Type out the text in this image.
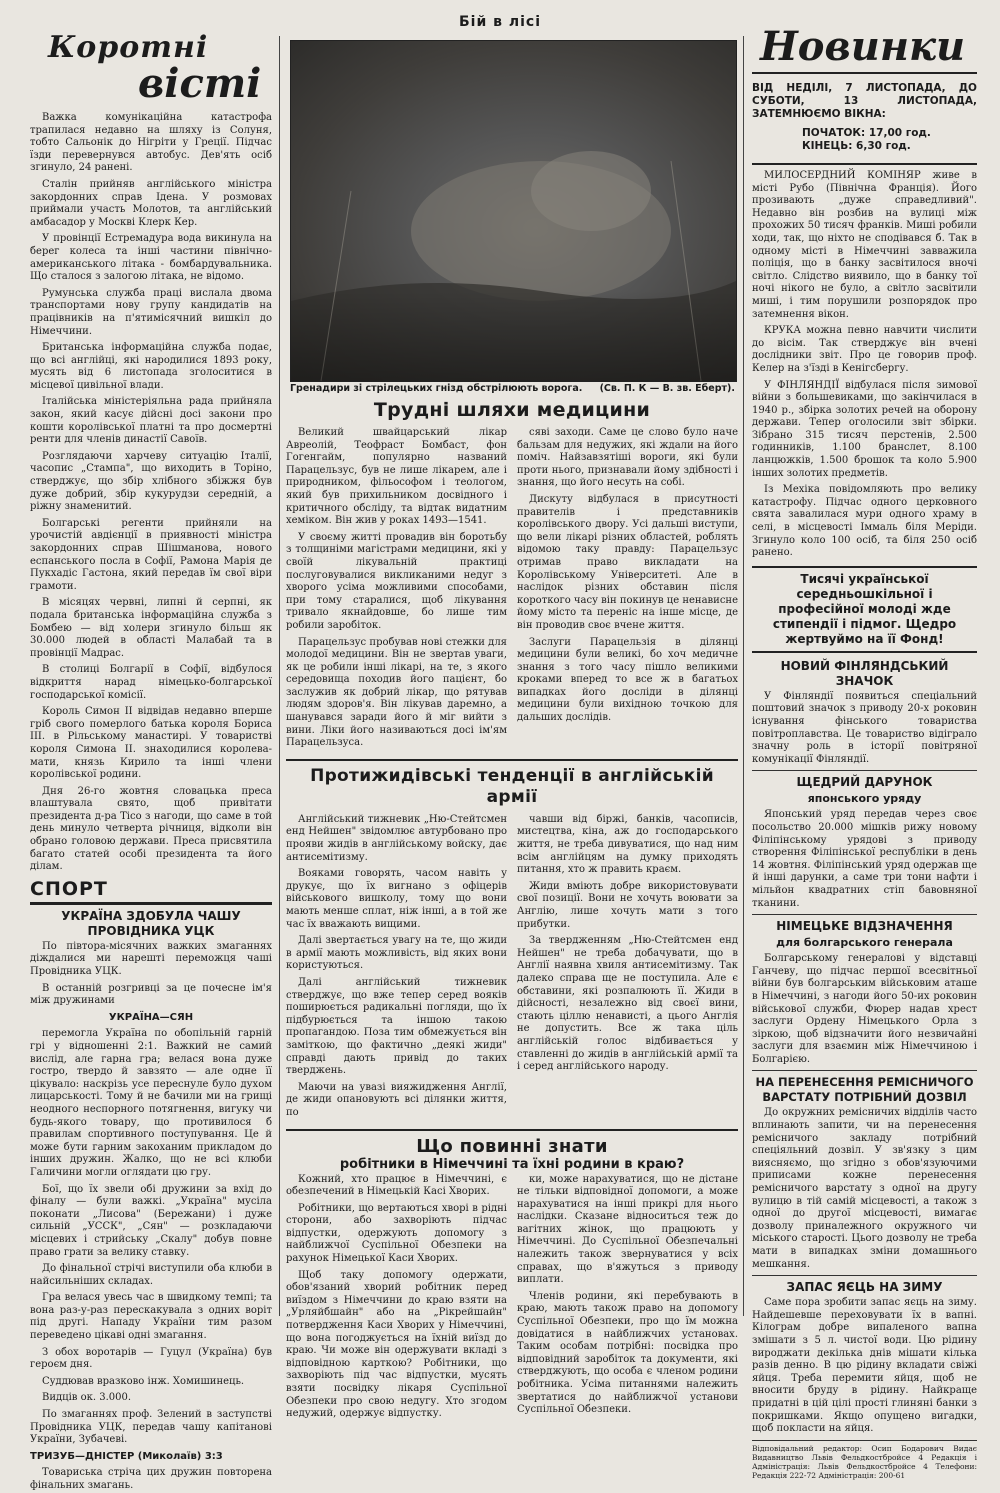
Бій в лісі
Коротні
вісті

Важка комунікаційна катастрофа трапилася недавно на шляху із Солуня, тобто Сальонік до Нігріти у Греції. Підчас їзди перевернувся автобус. Дев'ять осіб згинуло, 24 ранені.

Сталін прийняв англійського міністра закордонних справ Ідена. У розмовах приймали участь Молотов, та англійський амбасадор у Москві Клерк Кер.

У провінції Естремадура вода викинула на берег колеса та інші частини північно-американського літака - бомбардувальника. Що сталося з залогою літака, не відомо.

Румунська служба праці вислала двома транспортами нову групу кандидатів на працівників на п'ятимісячний вишкіл до Німеччини.

Британська інформаційна служба подає, що всі англійці, які народилися 1893 року, мусять від 6 листопада зголоситися в місцевої цивільної влади.

Італійська міністеріяльна рада прийняла закон, який касує дійсні досі закони про кошти королівської платні та про досмертні ренти для членів династії Савоїв.

Розглядаючи харчеву ситуацію Італії, часопис „Стампа", що виходить в Торіно, стверджує, що збір хлібного збіжжя був дуже добрий, збір кукурудзи середній, а ріжну знаменитий.

Болгарські регенти прийняли на урочистій авдієнції в приявності міністра закордонних справ Шішманова, нового еспанського посла в Софії, Рамона Марія де Пукхадіс Гастона, який передав їм свої віри грамоти.

В місяцях червні, липні й серпні, як подала британська інформаційна служба з Бомбею — від холери згинуло більш як 30.000 людей в області Малабай та в провінції Мадрас.

В столиці Болгарії в Софії, відбулося відкриття нарад німецько-болгарської господарської комісії.

Король Симон II відвідав недавно вперше гріб свого померлого батька короля Бориса III. в Рільському манастирі. У товаристві короля Симона II. знаходилися королева-мати, князь Кирило та інші члени королівської родини.

Дня 26-го жовтня словацька преса влаштувала свято, щоб привітати президента д-ра Тісо з нагоди, що саме в той день минуло четверта річниця, відколи він обрано головою держави. Преса присвятила багато статей особі президента та його ділам.

СПОРТ
УКРАЇНА ЗДОБУЛА ЧАШУ ПРОВІДНИКА УЦК

По півтора-місячних важких змаганнях діждалися ми нарешті переможця чаші Провідника УЦК.

В останній розгривці за це почесне ім'я між дружинами

УКРАЇНА—СЯН

перемогла Україна по обопільній гарній грі у відношенні 2:1. Важкий не самий вислід, але гарна гра; велася вона дуже гостро, твердо й завзято — але одне її цікувало: наскрізь усе переснуле було духом лицарськості. Тому й не бачили ми на грищі неодного неспорного потягнення, вигуку чи будь-якого товару, що противилося б правилам спортивного поступування. Це й може бути гарним закоханим прикладом до інших дружин. Жалко, що не всі клюби Галичини могли оглядати цю гру.

Бої, що їх звели обі дружини за вхід до фіналу — були важкі. „Україна" мусіла поконати „Лисова" (Бережани) і дуже сильній „УССК", „Сян" — розкладаючи місцевих і стрийську „Скалу" добув повне право грати за велику ставку.

До фінальної стрічі виступили оба клюби в найсильніших складах.

Гра велася увесь час в швидкому темпі; та вона раз-у-раз перескакувала з одних воріт під другі. Нападу України тим разом переведено цікаві одні змагання.

З обох воротарів — Гуцул (Україна) був героєм дня.

Суддював вразково інж. Хомишинець.

Видців ок. 3.000.

По змаганнях проф. Зелений в заступстві Провідника УЦК, передав чашу капітанові України, Зубачеві.

ТРИЗУБ—ДНІСТЕР (Миколаїв) 3:3

Товариська стріча цих дружин повторена фінальних змагань.

Гренадири зі стрілецьких гнізд обстрілюють ворога. (Св. П. К — В. зв. Еберт).
Трудні шляхи медицини

Великий швайцарський лікар Авреолій, Теофраст Бомбаст, фон Гогенгайм, популярно названий Парацельзус, був не лише лікарем, але і природником, фільософом і теологом, який був прихильником досвідного і критичного обсліду, та відтак видатним хеміком. Він жив у роках 1493—1541.

У своєму житті провадив він боротьбу з толщиніми магістрами медицини, які у своїй лікувальній практиці послуговувалися викликаними недуг з хворого усіма можливими способами, при тому старалися, щоб лікування тривало якнайдовше, бо лише тим робили заробіток.

Парацельзус пробував нові стежки для молодої медицини. Він не звертав уваги, як це робили інші лікарі, на те, з якого середовища походив його пацієнт, бо заслужив як добрий лікар, що рятував людям здоров'я. Він лікував даремно, а шанувався заради його й міг вийти з вини. Ліки його називаються досі ім'ям Парацельзуса.

сяві заходи. Саме це слово було наче бальзам для недужих, які ждали на його поміч. Найзавзятіші вороги, які були проти нього, признавали йому здібності і знання, що його несуть на собі.

Дискуту відбулася в присутності правителів і представників королівського двору. Усі дальші виступи, що вели лікарі різних областей, роблять відомою таку правду: Парацельзус отримав право викладати на Королівському Університеті. Але в наслідок різних обставин після короткого часу він покинув це ненависне йому місто та переніс на інше місце, де він проводив своє вчене життя.

Заслуги Парацельзія в ділянці медицини були великі, бо хоч медичне знання з того часу пішло великими кроками вперед то все ж в багатьох випадках його досліди в ділянці медицини були вихідною точкою для дальших дослідів.

Протижидівські тенденції в англійській армії

Англійський тижневик „Ню-Стейтсмен енд Нейшен" звідомлює автурбовано про прояви жидів в англійському войску, дає антисемітизму.

Вояками говорять, часом навіть у друкує, що їх вигнано з офіцерів військового вишколу, тому що вони мають менше сплат, ніж інші, а в той же час їх вважають вищими.

Далі звертається увагу на те, що жиди в армії мають можливість, від яких вони користуються.

Далі англійський тижневик стверджує, що вже тепер серед вояків поширюється радикальні погляди, що їх підбурюється та іншою такою пропагандою. Поза тим обмежується він заміткою, що фактично „деякі жиди" справді дають привід до таких тверджень.

Маючи на увазі вияжидження Англії, де жиди опановують всі ділянки життя, по

чавши від біржі, банків, часописів, мистецтва, кіна, аж до господарського життя, не треба дивуватися, що над ним всім англійцям на думку приходять питання, хто ж править краєм.

Жиди вміють добре використовувати свої позиції. Вони не хочуть воювати за Англію, лише хочуть мати з того прибутки.

За твердженням „Ню-Стейтсмен енд Нейшен" не треба добачувати, що в Англії наявна хвиля антисемітизму. Так далеко справа ще не поступила. Але є обставини, які розпалюють її. Жиди в дійсності, незалежно від своєї вини, стають ціллю ненависті, а цього Англія не допустить. Все ж така ціль англійській голос відбивається у ставленні до жидів в англійській армії та і серед англійського народу.

Що повинні знати
робітники в Німеччині та їхні родини в краю?

Кожний, хто працює в Німеччині, є обезпечений в Німецькій Касі Хворих.

Робітники, що вертаються хворі в рідні сторони, або захворіють підчас відпустки, одержують допомогу з найближчої Суспільної Обезпеки на рахунок Німецької Каси Хворих.

Щоб таку допомогу одержати, обов'язаний хворий робітник перед виїздом з Німеччини до краю взяти на „Урляйбшайн" або на „Рікрейшайн" потвердження Каси Хворих у Німеччині, що вона погоджується на їхній виїзд до краю. Чи може він одержувати вкладі з відповідною карткою? Робітники, що захворіють під час відпустки, мусять взяти посвідку лікаря Суспільної Обезпеки про свою недугу. Хто згодом недужий, одержує відпустку.

ки, може нарахуватися, що не дістане не тільки відповідної допомоги, а може нарахуватися на інші прикрі для нього наслідки. Сказане відноситься теж до вагітних жінок, що працюють у Німеччині. До Суспільної Обезпечальні належить також звернуватися у всіх справах, що в'яжуться з приводу виплати.

Членів родини, які перебувають в краю, мають також право на допомогу Суспільної Обезпеки, про що їм можна довідатися в найближчих установах. Таким особам потрібні: посвідка про відповідний заробіток та документи, які стверджують, що особа є членом родини робітника. Усіма питаннями належить звертатися до найближчої установи Суспільної Обезпеки.

Новинки
ВІД НЕДІЛІ, 7 ЛИСТОПАДА, ДО СУБОТИ, 13 ЛИСТОПАДА, ЗАТЕМНЮЄМО ВІКНА:
ПОЧАТОК: 17,00 год.
КІНЕЦЬ: 6,30 год.

МИЛОСЕРДНИЙ КОМІНЯР живе в місті Рубо (Північна Франція). Його прозивають „дуже справедливий". Недавно він розбив на вулиці між прохожих 50 тисяч франків. Миші робили ходи, так, що ніхто не сподівався б. Так в одному місті в Німеччині завважила поліція, що в банку засвітилося вночі світло. Слідство виявило, що в банку тої ночі нікого не було, а світло засвітили миші, і тим порушили розпорядок про затемнення вікон.

КРУКА можна певно навчити числити до вісім. Так стверджує він вчені дослідники звіт. Про це говорив проф. Келер на з'їзді в Кенігсбергу.

У ФІНЛЯНДІЇ відбулася після зимової війни з большевиками, що закінчилася в 1940 р., збірка золотих речей на оборону держави. Тепер оголосили звіт збірки. Зібрано 315 тисяч перстенів, 2.500 годинників, 1.100 бранслет, 8.100 ланцюжків, 1.500 брошок та коло 5.900 інших золотих предметів.

Із Мехіка повідомляють про велику катастрофу. Підчас одного церковного свята завалилася мури одного храму в селі, в місцевості Іммаль біля Меріди. Згинуло коло 100 осіб, та біля 250 осіб ранено.

Тисячі української середньошкільної і професійної молоді жде стипендії і підмог. Щедро жертвуймо на її Фонд!
НОВИЙ ФІНЛЯНДСЬКИЙ ЗНАЧОК

У Фінляндії появиться спеціальний поштовий значок з приводу 20-х роковин існування фінського товариства повітроплавства. Це товариство відіграло значну роль в історії повітряної комунікації Фінляндії.

ЩЕДРИЙ ДАРУНОК
японського уряду

Японський уряд передав через своє посольство 20.000 мішків рижу новому Філіпінському урядові з приводу створення Філіпінської республіки в день 14 жовтня. Філіпінський уряд одержав ще й інші дарунки, а саме три тони нафти і мільйон квадратних стіп бавовняної тканини.

НІМЕЦЬКЕ ВІДЗНАЧЕННЯ
для болгарського генерала

Болгарському генералові у відставці Ганчеву, що підчас першої всесвітньої війни був болгарським військовим аташе в Німеччині, з нагоди його 50-их роковин військової служби, Фюрер надав хрест заслуги Ордену Німецького Орла з зіркою, щоб відзначити його незвичайні заслуги для взаємин між Німеччиною і Болгарією.

НА ПЕРЕНЕСЕННЯ РЕМІСНИЧОГО ВАРСТАТУ ПОТРІБНИЙ ДОЗВІЛ

До окружних ремісничих відділів часто вплинають запити, чи на перенесення ремісничого закладу потрібний спеціяльний дозвіл. У зв'язку з цим виясняємо, що згідно з обов'язуючими приписами кожне перенесення ремісничого варстату з одної на другу вулицю в тій самій місцевості, а також з одної до другої місцевості, вимагає дозволу приналежного окружного чи міського старості. Цього дозволу не треба мати в випадках зміни домашнього мешкання.

ЗАПАС ЯЄЦЬ НА ЗИМУ

Саме пора зробити запас яєць на зиму. Найдешевше переховувати їх в вапні. Кілограм добре випаленого вапна змішати з 5 л. чистої води. Цю рідину вироджати декілька днів мішати кілька разів денно. В цю рідину вкладати свіжі яйця. Треба перемити яйця, щоб не вносити бруду в рідину. Найкраще придатні в цій цілі прості глиняні банки з покришками. Якщо опущено вигадки, щоб покласти на яйця.

Відповідальний редактор: Осип Бодарович Видає Видавництво Львів Фельдкостбройсе 4 Редакція і Адміністрація: Львів Фельдкостбройсе 4 Телефони: Редакція 222-72 Адміністрація: 200-61
